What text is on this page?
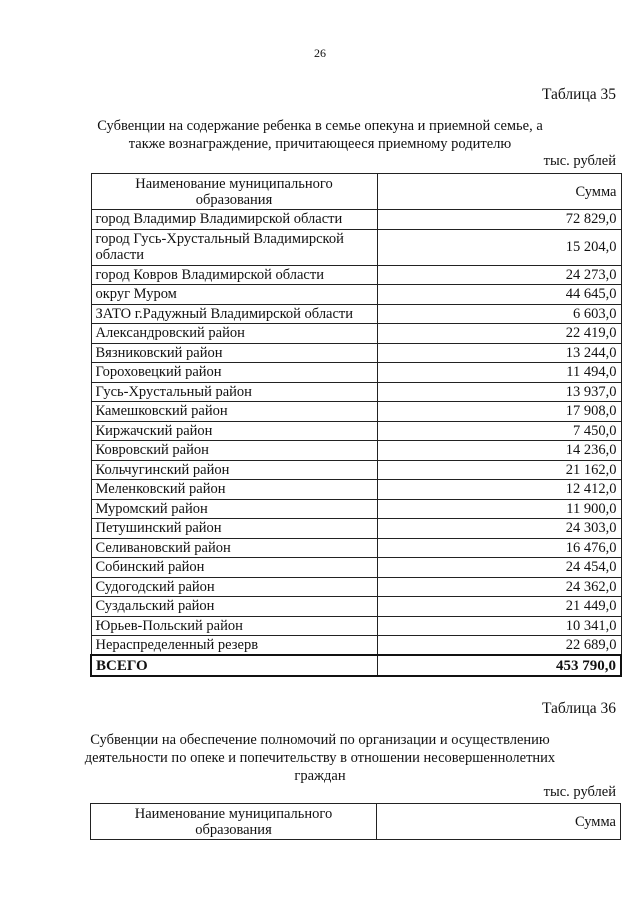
26
Таблица 35
Субвенции на содержание ребенка в семье опекуна и приемной семье, а также вознаграждение, причитающееся приемному родителю
тыс. рублей
Наименование муниципального образования	Сумма
город Владимир Владимирской области	72 829,0
город Гусь-Хрустальный Владимирской области	15 204,0
город Ковров Владимирской области	24 273,0
округ Муром	44 645,0
ЗАТО г.Радужный Владимирской области	6 603,0
Александровский район	22 419,0
Вязниковский район	13 244,0
Гороховецкий район	11 494,0
Гусь-Хрустальный район	13 937,0
Камешковский район	17 908,0
Киржачский район	7 450,0
Ковровский район	14 236,0
Кольчугинский район	21 162,0
Меленковский район	12 412,0
Муромский район	11 900,0
Петушинский район	24 303,0
Селивановский район	16 476,0
Собинский район	24 454,0
Судогодский район	24 362,0
Суздальский район	21 449,0
Юрьев-Польский район	10 341,0
Нераспределенный резерв	22 689,0
ВСЕГО	453 790,0
Таблица 36
Субвенции на обеспечение полномочий по организации и осуществлению деятельности по опеке и попечительству в отношении несовершеннолетних граждан
тыс. рублей
Наименование муниципального образования	Сумма
